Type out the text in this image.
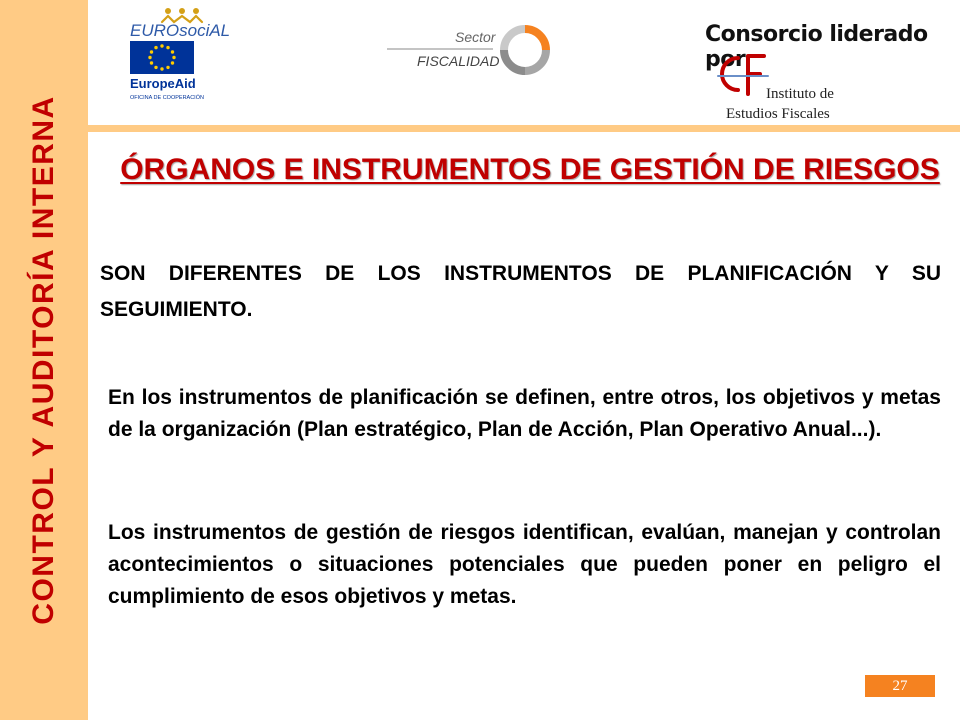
CONTROL Y AUDITORÍA INTERNA
EUROsociAL
EuropeAid
OFICINA DE COOPERACIÓN
Sector
FISCALIDAD
Consorcio liderado por
Instituto de
Estudios Fiscales
ÓRGANOS E INSTRUMENTOS DE GESTIÓN DE RIESGOS
SON DIFERENTES DE LOS INSTRUMENTOS DE PLANIFICACIÓN Y SU SEGUIMIENTO.
En los instrumentos de planificación se definen, entre otros, los objetivos y metas de la organización (Plan estratégico, Plan de Acción, Plan Operativo Anual...).
Los instrumentos de gestión de riesgos identifican, evalúan, manejan y controlan acontecimientos o situaciones potenciales que pueden poner en peligro el cumplimiento de esos objetivos y metas.
27
